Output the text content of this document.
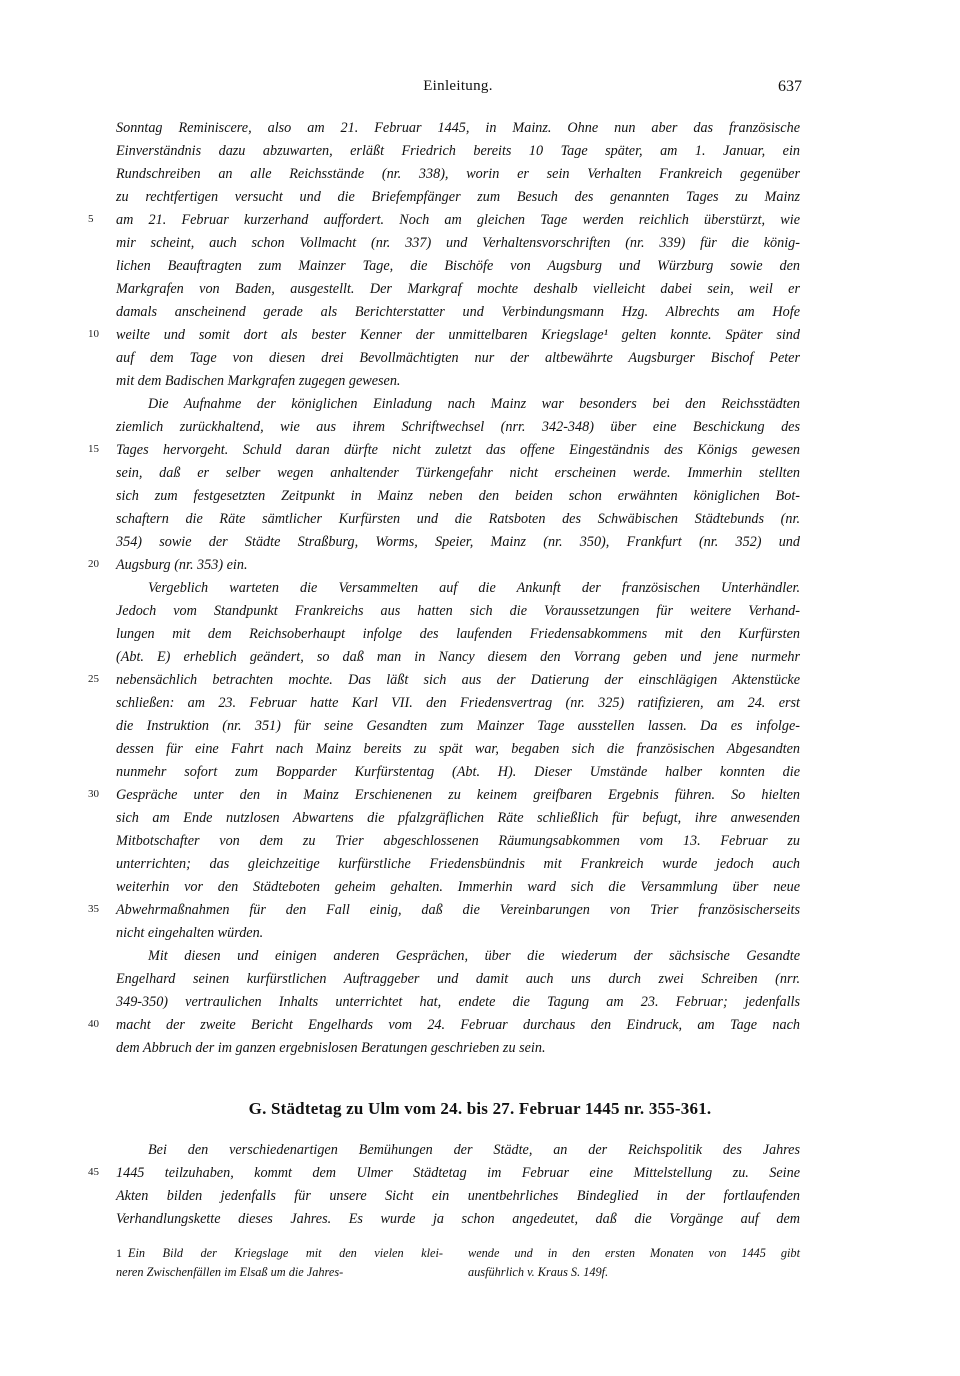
Einleitung.	637
Sonntag Reminiscere, also am 21. Februar 1445, in Mainz. Ohne nun aber das französische
Einverständnis dazu abzuwarten, erläßt Friedrich bereits 10 Tage später, am 1. Januar, ein
Rundschreiben an alle Reichsstände (nr. 338), worin er sein Verhalten Frankreich gegenüber
zu rechtfertigen versucht und die Briefempfänger zum Besuch des genannten Tages zu Mainz
am 21. Februar kurzerhand auffordert. Noch am gleichen Tage werden reichlich überstürzt, wie
mir scheint, auch schon Vollmacht (nr. 337) und Verhaltensvorschriften (nr. 339) für die könig-
lichen Beauftragten zum Mainzer Tage, die Bischöfe von Augsburg und Würzburg sowie den
Markgrafen von Baden, ausgestellt. Der Markgraf mochte deshalb vielleicht dabei sein, weil er
damals anscheinend gerade als Berichterstatter und Verbindungsmann Hzg. Albrechts am Hofe
weilte und somit dort als bester Kenner der unmittelbaren Kriegslage¹ gelten konnte. Später sind
auf dem Tage von diesen drei Bevollmächtigten nur der altbewährte Augsburger Bischof Peter
mit dem Badischen Markgrafen zugegen gewesen.
Die Aufnahme der königlichen Einladung nach Mainz war besonders bei den Reichsstädten
ziemlich zurückhaltend, wie aus ihrem Schriftwechsel (nrr. 342-348) über eine Beschickung des
Tages hervorgeht. Schuld daran dürfte nicht zuletzt das offene Eingeständnis des Königs gewesen
sein, daß er selber wegen anhaltender Türkengefahr nicht erscheinen werde. Immerhin stellten
sich zum festgesetzten Zeitpunkt in Mainz neben den beiden schon erwähnten königlichen Bot-
schaftern die Räte sämtlicher Kurfürsten und die Ratsboten des Schwäbischen Städtebunds (nr.
354) sowie der Städte Straßburg, Worms, Speier, Mainz (nr. 350), Frankfurt (nr. 352) und
Augsburg (nr. 353) ein.
Vergeblich warteten die Versammelten auf die Ankunft der französischen Unterhändler.
Jedoch vom Standpunkt Frankreichs aus hatten sich die Voraussetzungen für weitere Verhand-
lungen mit dem Reichsoberhaupt infolge des laufenden Friedensabkommens mit den Kurfürsten
(Abt. E) erheblich geändert, so daß man in Nancy diesem den Vorrang geben und jene nurmehr
nebensächlich betrachten mochte. Das läßt sich aus der Datierung der einschlägigen Aktenstücke
schließen: am 23. Februar hatte Karl VII. den Friedensvertrag (nr. 325) ratifizieren, am 24. erst
die Instruktion (nr. 351) für seine Gesandten zum Mainzer Tage ausstellen lassen. Da es infolge-
dessen für eine Fahrt nach Mainz bereits zu spät war, begaben sich die französischen Abgesandten
nunmehr sofort zum Bopparder Kurfürstentag (Abt. H). Dieser Umstände halber konnten die
Gespräche unter den in Mainz Erschienenen zu keinem greifbaren Ergebnis führen. So hielten
sich am Ende nutzlosen Abwartens die pfalzgräflichen Räte schließlich für befugt, ihre anwesenden
Mitbotschafter von dem zu Trier abgeschlossenen Räumungsabkommen vom 13. Februar zu
unterrichten; das gleichzeitige kurfürstliche Friedensbündnis mit Frankreich wurde jedoch auch
weiterhin vor den Städteboten geheim gehalten. Immerhin ward sich die Versammlung über neue
Abwehrmaßnahmen für den Fall einig, daß die Vereinbarungen von Trier französischerseits
nicht eingehalten würden.
Mit diesen und einigen anderen Gesprächen, über die wiederum der sächsische Gesandte
Engelhard seinen kurfürstlichen Auftraggeber und damit auch uns durch zwei Schreiben (nrr.
349-350) vertraulichen Inhalts unterrichtet hat, endete die Tagung am 23. Februar; jedenfalls
macht der zweite Bericht Engelhards vom 24. Februar durchaus den Eindruck, am Tage nach
dem Abbruch der im ganzen ergebnislosen Beratungen geschrieben zu sein.
5
10
15
20
25
30
35
40
G. Städtetag zu Ulm vom 24. bis 27. Februar 1445 nr. 355-361.
Bei den verschiedenartigen Bemühungen der Städte, an der Reichspolitik des Jahres
1445 teilzuhaben, kommt dem Ulmer Städtetag im Februar eine Mittelstellung zu. Seine
Akten bilden jedenfalls für unsere Sicht ein unentbehrliches Bindeglied in der fortlaufenden
Verhandlungskette dieses Jahres. Es wurde ja schon angedeutet, daß die Vorgänge auf dem
45
1 Ein Bild der Kriegslage mit den vielen klei-
neren Zwischenfällen im Elsaß um die Jahres-
wende und in den ersten Monaten von 1445 gibt
ausführlich v. Kraus S. 149f.
